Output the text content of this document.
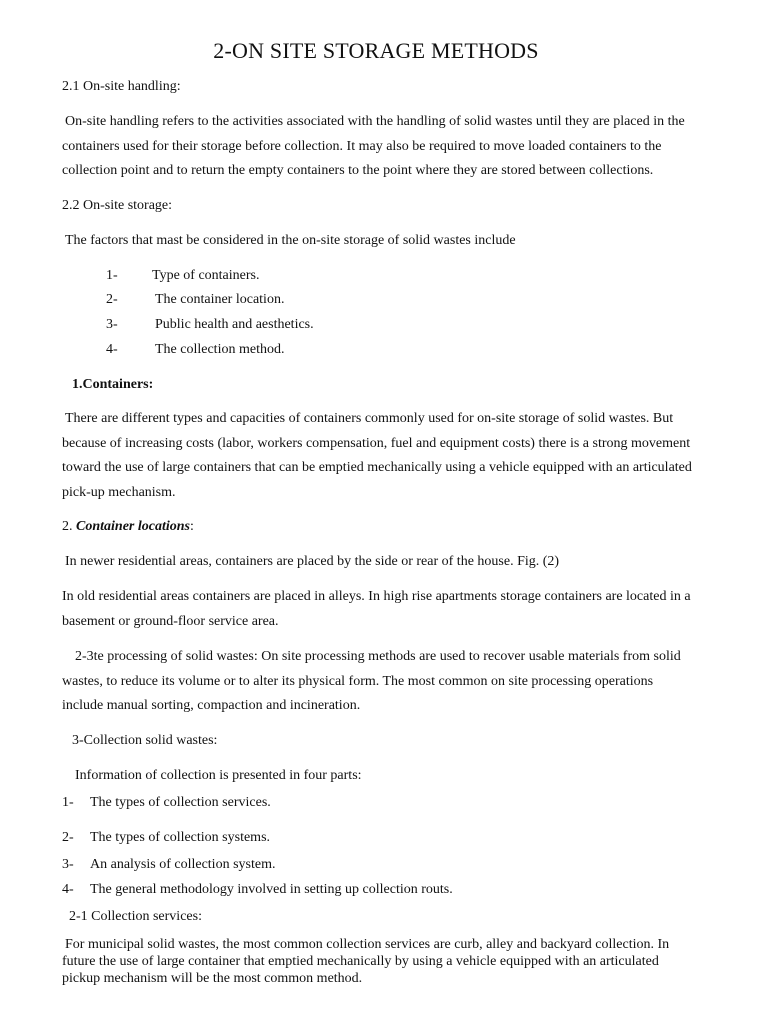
2-ON SITE STORAGE METHODS
2.1 On-site handling:
On-site handling refers to the activities associated with the handling of solid wastes until they are placed in the containers used for their storage before collection. It may also be required to move loaded containers to the collection point and to return the empty containers to the point where they are stored between collections.
2.2 On-site storage:
The factors that mast be considered in the on-site storage of solid wastes include
1- Type of containers.
2-	The container location.
3-	Public health and aesthetics.
4-	The collection method.
1.Containers:
There are different types and capacities of containers commonly used for on-site storage of solid wastes. But because of increasing costs (labor, workers compensation, fuel and equipment costs) there is a strong movement toward the use of large containers that can be emptied mechanically using a vehicle equipped with an articulated pick-up mechanism.
2. Container locations:
In newer residential areas, containers are placed by the side or rear of the house. Fig. (2)
In old residential areas containers are placed in alleys. In high rise apartments storage containers are located in a basement or ground-floor service area.
2-3te processing of solid wastes: On site processing methods are used to recover usable materials from solid wastes, to reduce its volume or to alter its physical form. The most common on site processing operations include manual sorting, compaction and incineration.
3-Collection solid wastes:
Information of collection is presented in four parts:
1- The types of collection services.
2- The types of collection systems.
3- An analysis of collection system.
4- The general methodology involved in setting up collection routs.
2-1 Collection services:
For municipal solid wastes, the most common collection services are curb, alley and backyard collection. In future the use of large container that emptied mechanically by using a vehicle equipped with an articulated pickup mechanism will be the most common method.
